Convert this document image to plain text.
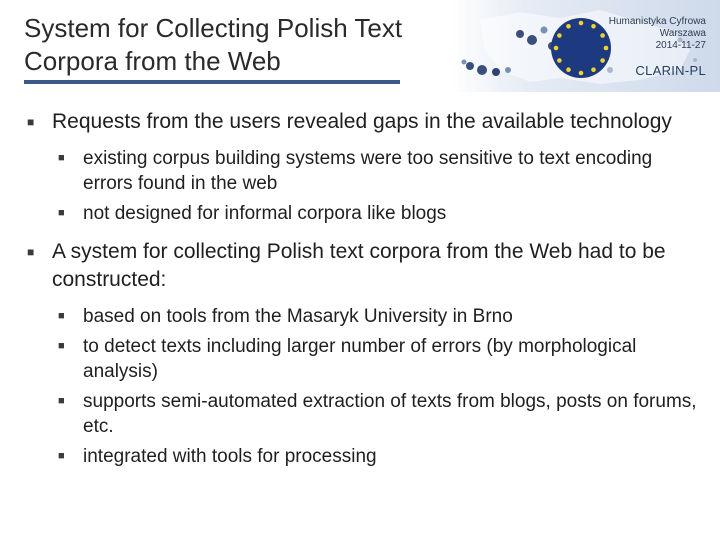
Humanistyka Cyfrowa
Warszawa
2014-11-27
CLARIN-PL
System for Collecting Polish Text
Corpora from the Web

■ Requests from the users revealed gaps in the available technology

■ existing corpus building systems were too sensitive to text encoding errors found in the web

■ not designed for informal corpora like blogs

■ A system for collecting Polish text corpora from the Web had to be constructed:

■ based on tools from the Masaryk University in Brno

■ to detect texts including larger number of errors (by morphological analysis)

■ supports semi-automated extraction of texts from blogs, posts on forums, etc.

■ integrated with tools for processing
